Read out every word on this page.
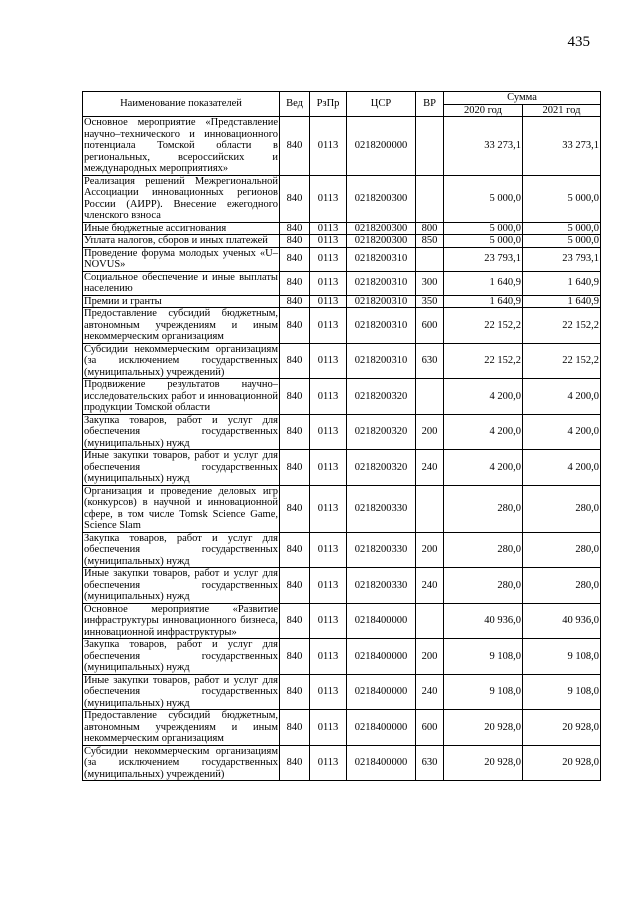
435
Наименование показателей	Вед	РзПр	ЦСР	ВР	Сумма	
					2020 год	2021 год
Основное мероприятие «Представление научно–технического и инновационного потенциала Томской области в региональных, всероссийских и международных мероприятиях»	840	0113	0218200000		33 273,1	33 273,1
Реализация решений Межрегиональной Ассоциации инновационных регионов России (АИРР). Внесение ежегодного членского взноса	840	0113	0218200300		5 000,0	5 000,0
Иные бюджетные ассигнования	840	0113	0218200300	800	5 000,0	5 000,0
Уплата налогов, сборов и иных платежей	840	0113	0218200300	850	5 000,0	5 000,0
Проведение форума молодых ученых «U–NOVUS»	840	0113	0218200310		23 793,1	23 793,1
Социальное обеспечение и иные выплаты населению	840	0113	0218200310	300	1 640,9	1 640,9
Премии и гранты	840	0113	0218200310	350	1 640,9	1 640,9
Предоставление субсидий бюджетным, автономным учреждениям и иным некоммерческим организациям	840	0113	0218200310	600	22 152,2	22 152,2
Субсидии некоммерческим организациям (за исключением государственных (муниципальных) учреждений)	840	0113	0218200310	630	22 152,2	22 152,2
Продвижение результатов научно–исследовательских работ и инновационной продукции Томской области	840	0113	0218200320		4 200,0	4 200,0
Закупка товаров, работ и услуг для обеспечения государственных (муниципальных) нужд	840	0113	0218200320	200	4 200,0	4 200,0
Иные закупки товаров, работ и услуг для обеспечения государственных (муниципальных) нужд	840	0113	0218200320	240	4 200,0	4 200,0
Организация и проведение деловых игр (конкурсов) в научной и инновационной сфере, в том числе Tomsk Science Game, Science Slam	840	0113	0218200330		280,0	280,0
Закупка товаров, работ и услуг для обеспечения государственных (муниципальных) нужд	840	0113	0218200330	200	280,0	280,0
Иные закупки товаров, работ и услуг для обеспечения государственных (муниципальных) нужд	840	0113	0218200330	240	280,0	280,0
Основное мероприятие «Развитие инфраструктуры инновационного бизнеса, инновационной инфраструктуры»	840	0113	0218400000		40 936,0	40 936,0
Закупка товаров, работ и услуг для обеспечения государственных (муниципальных) нужд	840	0113	0218400000	200	9 108,0	9 108,0
Иные закупки товаров, работ и услуг для обеспечения государственных (муниципальных) нужд	840	0113	0218400000	240	9 108,0	9 108,0
Предоставление субсидий бюджетным, автономным учреждениям и иным некоммерческим организациям	840	0113	0218400000	600	20 928,0	20 928,0
Субсидии некоммерческим организациям (за исключением государственных (муниципальных) учреждений)	840	0113	0218400000	630	20 928,0	20 928,0
